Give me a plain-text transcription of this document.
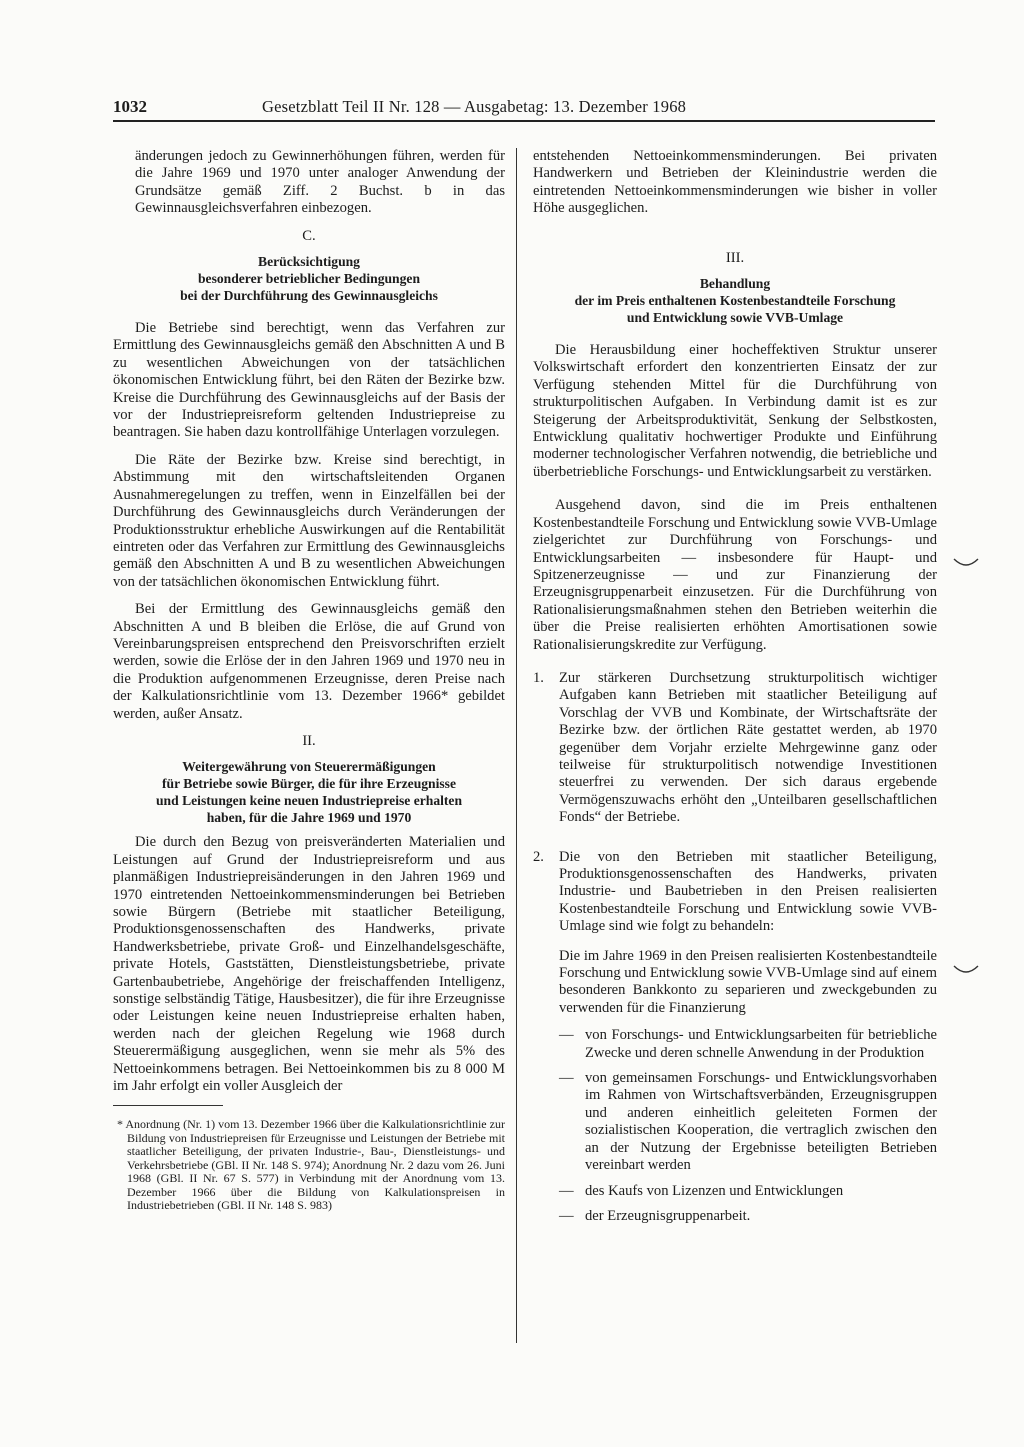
1032	Gesetzblatt Teil II Nr. 128 — Ausgabetag: 13. Dezember 1968

änderungen jedoch zu Gewinnerhöhungen führen, werden für die Jahre 1969 und 1970 unter analoger Anwendung der Grundsätze gemäß Ziff. 2 Buchst. b in das Gewinnausgleichsverfahren einbezogen.

C.
Berücksichtigung
besonderer betrieblicher Bedingungen
bei der Durchführung des Gewinnausgleichs

Die Betriebe sind berechtigt, wenn das Verfahren zur Ermittlung des Gewinnausgleichs gemäß den Abschnitten A und B zu wesentlichen Abweichungen von der tatsächlichen ökonomischen Entwicklung führt, bei den Räten der Bezirke bzw. Kreise die Durchführung des Gewinnausgleichs auf der Basis der vor der Industriepreisreform geltenden Industriepreise zu beantragen. Sie haben dazu kontrollfähige Unterlagen vorzulegen.

Die Räte der Bezirke bzw. Kreise sind berechtigt, in Abstimmung mit den wirtschaftsleitenden Organen Ausnahmeregelungen zu treffen, wenn in Einzelfällen bei der Durchführung des Gewinnausgleichs durch Veränderungen der Produktionsstruktur erhebliche Auswirkungen auf die Rentabilität eintreten oder das Verfahren zur Ermittlung des Gewinnausgleichs gemäß den Abschnitten A und B zu wesentlichen Abweichungen von der tatsächlichen ökonomischen Entwicklung führt.

Bei der Ermittlung des Gewinnausgleichs gemäß den Abschnitten A und B bleiben die Erlöse, die auf Grund von Vereinbarungspreisen entsprechend den Preisvorschriften erzielt werden, sowie die Erlöse der in den Jahren 1969 und 1970 neu in die Produktion aufgenommenen Erzeugnisse, deren Preise nach der Kalkulationsrichtlinie vom 13. Dezember 1966* gebildet werden, außer Ansatz.

II.
Weitergewährung von Steuerermäßigungen
für Betriebe sowie Bürger, die für ihre Erzeugnisse
und Leistungen keine neuen Industriepreise erhalten
haben, für die Jahre 1969 und 1970

Die durch den Bezug von preisveränderten Materialien und Leistungen auf Grund der Industriepreisreform und aus planmäßigen Industriepreisänderungen in den Jahren 1969 und 1970 eintretenden Nettoeinkommensminderungen bei Betrieben sowie Bürgern (Betriebe mit staatlicher Beteiligung, Produktionsgenossenschaften des Handwerks, private Handwerksbetriebe, private Groß- und Einzelhandelsgeschäfte, private Hotels, Gaststätten, Dienstleistungsbetriebe, private Gartenbaubetriebe, Angehörige der freischaffenden Intelligenz, sonstige selbständig Tätige, Hausbesitzer), die für ihre Erzeugnisse oder Leistungen keine neuen Industriepreise erhalten haben, werden nach der gleichen Regelung wie 1968 durch Steuerermäßigung ausgeglichen, wenn sie mehr als 5% des Nettoeinkommens betragen. Bei Nettoeinkommen bis zu 8 000 M im Jahr erfolgt ein voller Ausgleich der

* Anordnung (Nr. 1) vom 13. Dezember 1966 über die Kalkulationsrichtlinie zur Bildung von Industriepreisen für Erzeugnisse und Leistungen der Betriebe mit staatlicher Beteiligung, der privaten Industrie-, Bau-, Dienstleistungs- und Verkehrsbetriebe (GBl. II Nr. 148 S. 974); Anordnung Nr. 2 dazu vom 26. Juni 1968 (GBl. II Nr. 67 S. 577) in Verbindung mit der Anordnung vom 13. Dezember 1966 über die Bildung von Kalkulationspreisen in Industriebetrieben (GBl. II Nr. 148 S. 983)

entstehenden Nettoeinkommensminderungen. Bei privaten Handwerkern und Betrieben der Kleinindustrie werden die eintretenden Nettoeinkommensminderungen wie bisher in voller Höhe ausgeglichen.

III.
Behandlung
der im Preis enthaltenen Kostenbestandteile Forschung
und Entwicklung sowie VVB-Umlage

Die Herausbildung einer hocheffektiven Struktur unserer Volkswirtschaft erfordert den konzentrierten Einsatz der zur Verfügung stehenden Mittel für die Durchführung von strukturpolitischen Aufgaben. In Verbindung damit ist es zur Steigerung der Arbeitsproduktivität, Senkung der Selbstkosten, Entwicklung qualitativ hochwertiger Produkte und Einführung moderner technologischer Verfahren notwendig, die betriebliche und überbetriebliche Forschungs- und Entwicklungsarbeit zu verstärken.

Ausgehend davon, sind die im Preis enthaltenen Kostenbestandteile Forschung und Entwicklung sowie VVB-Umlage zielgerichtet zur Durchführung von Forschungs- und Entwicklungsarbeiten — insbesondere für Haupt- und Spitzenerzeugnisse — und zur Finanzierung der Erzeugnisgruppenarbeit einzusetzen. Für die Durchführung von Rationalisierungsmaßnahmen stehen den Betrieben weiterhin die über die Preise realisierten erhöhten Amortisationen sowie Rationalisierungskredite zur Verfügung.

1.	Zur stärkeren Durchsetzung strukturpolitisch wichtiger Aufgaben kann Betrieben mit staatlicher Beteiligung auf Vorschlag der VVB und Kombinate, der Wirtschaftsräte der Bezirke bzw. der örtlichen Räte gestattet werden, ab 1970 gegenüber dem Vorjahr erzielte Mehrgewinne ganz oder teilweise für strukturpolitisch notwendige Investitionen steuerfrei zu verwenden. Der sich daraus ergebende Vermögenszuwachs erhöht den „Unteilbaren gesellschaftlichen Fonds“ der Betriebe.
2.	Die von den Betrieben mit staatlicher Beteiligung, Produktionsgenossenschaften des Handwerks, privaten Industrie- und Baubetrieben in den Preisen realisierten Kostenbestandteile Forschung und Entwicklung sowie VVB-Umlage sind wie folgt zu behandeln:
Die im Jahre 1969 in den Preisen realisierten Kostenbestandteile Forschung und Entwicklung sowie VVB-Umlage sind auf einem besonderen Bankkonto zu separieren und zweckgebunden zu verwenden für die Finanzierung
— von Forschungs- und Entwicklungsarbeiten für betriebliche Zwecke und deren schnelle Anwendung in der Produktion
— von gemeinsamen Forschungs- und Entwicklungsvorhaben im Rahmen von Wirtschaftsverbänden, Erzeugnisgruppen und anderen einheitlich geleiteten Formen der sozialistischen Kooperation, die vertraglich zwischen den an der Nutzung der Ergebnisse beteiligten Betrieben vereinbart werden
— des Kaufs von Lizenzen und Entwicklungen
— der Erzeugnisgruppenarbeit.
